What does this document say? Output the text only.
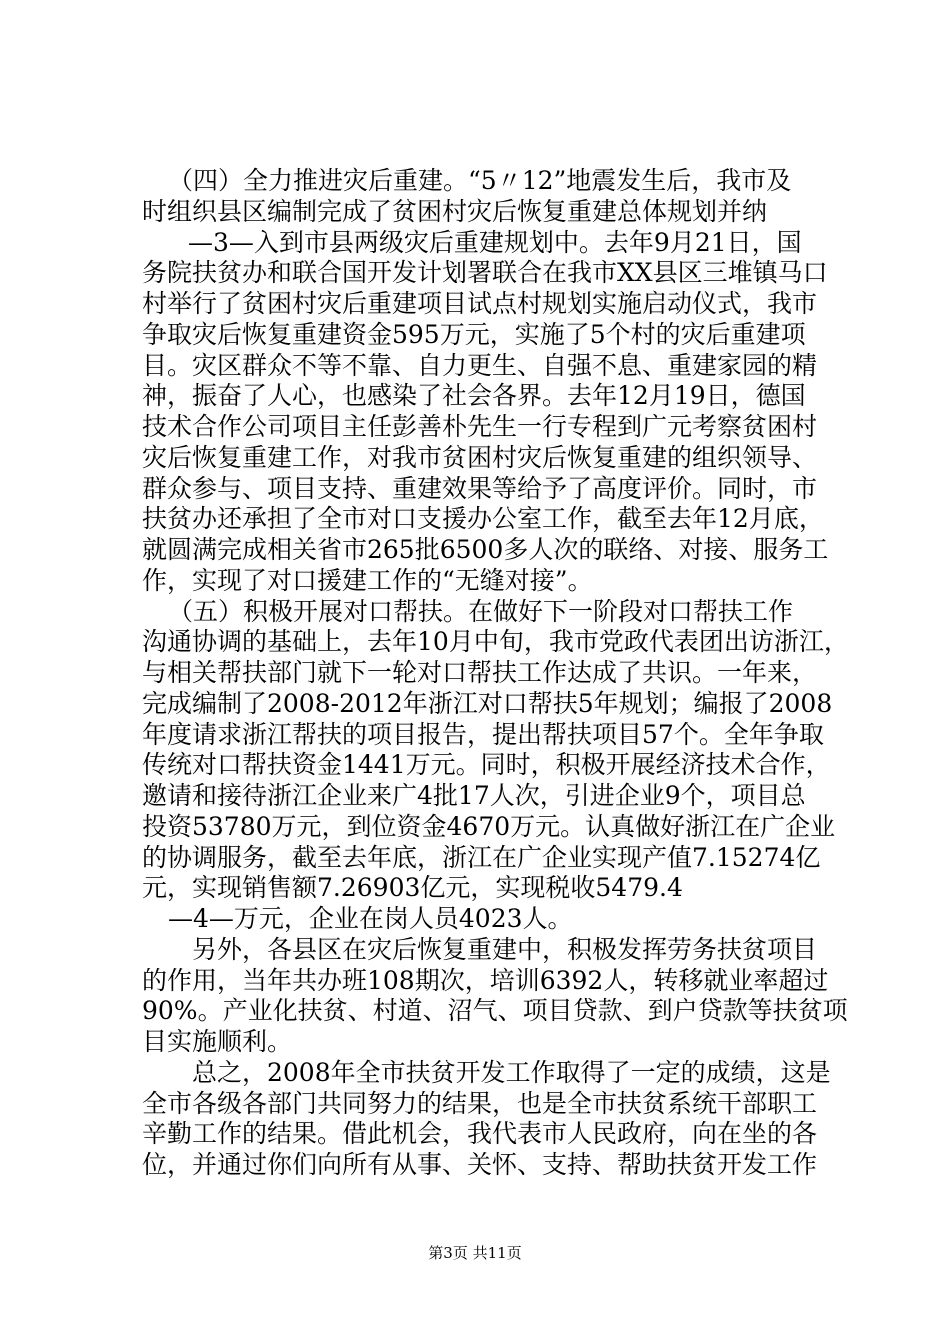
（四）全力推进灾后重建。“5〃12”地震发生后，我市及
时组织县区编制完成了贫困村灾后恢复重建总体规划并纳
—3—入到市县两级灾后重建规划中。去年9月21日，国
务院扶贫办和联合国开发计划署联合在我市XX县区三堆镇马口
村举行了贫困村灾后重建项目试点村规划实施启动仪式，我市
争取灾后恢复重建资金595万元，实施了5个村的灾后重建项
目。灾区群众不等不靠、自力更生、自强不息、重建家园的精
神，振奋了人心，也感染了社会各界。去年12月19日，德国
技术合作公司项目主任彭善朴先生一行专程到广元考察贫困村
灾后恢复重建工作，对我市贫困村灾后恢复重建的组织领导、
群众参与、项目支持、重建效果等给予了高度评价。同时，市
扶贫办还承担了全市对口支援办公室工作，截至去年12月底，
就圆满完成相关省市265批6500多人次的联络、对接、服务工
作，实现了对口援建工作的“无缝对接”。
（五）积极开展对口帮扶。在做好下一阶段对口帮扶工作
沟通协调的基础上，去年10月中旬，我市党政代表团出访浙江，
与相关帮扶部门就下一轮对口帮扶工作达成了共识。一年来，
完成编制了2008-2012年浙江对口帮扶5年规划；编报了2008
年度请求浙江帮扶的项目报告，提出帮扶项目57个。全年争取
传统对口帮扶资金1441万元。同时，积极开展经济技术合作，
邀请和接待浙江企业来广4批17人次，引进企业9个，项目总
投资53780万元，到位资金4670万元。认真做好浙江在广企业
的协调服务，截至去年底，浙江在广企业实现产值7.15274亿
元，实现销售额7.26903亿元，实现税收5479.4
—4—万元，企业在岗人员4023人。
另外，各县区在灾后恢复重建中，积极发挥劳务扶贫项目
的作用，当年共办班108期次，培训6392人，转移就业率超过
90%。产业化扶贫、村道、沼气、项目贷款、到户贷款等扶贫项
目实施顺利。
总之，2008年全市扶贫开发工作取得了一定的成绩，这是
全市各级各部门共同努力的结果，也是全市扶贫系统干部职工
辛勤工作的结果。借此机会，我代表市人民政府，向在坐的各
位，并通过你们向所有从事、关怀、支持、帮助扶贫开发工作
第3页 共11页
